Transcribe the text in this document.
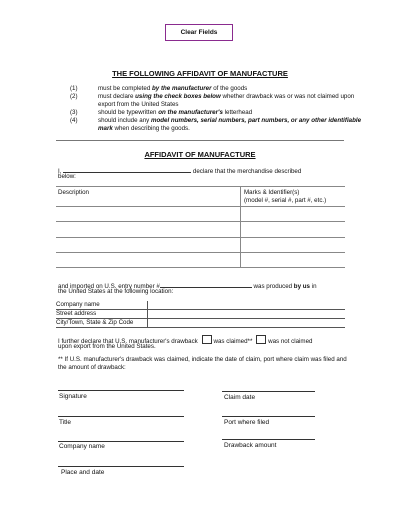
Clear Fields
THE FOLLOWING AFFIDAVIT OF MANUFACTURE
(1)	must be completed by the manufacturer of the goods
(2)	must declare using the check boxes below whether drawback was or was not claimed upon export from the United States
(3)	should be typewritten on the manufacturer's letterhead
(4)	should include any model numbers, serial numbers, part numbers, or any other identifiable mark when describing the goods.
AFFIDAVIT OF MANUFACTURE
I,	declare that the merchandise described
below:
Description	Marks & Identifier(s)
(model #, serial #, part #, etc.)
and imported on U.S. entry number #	was produced by us in
the United States at the following location:
Company name
Street address
City/Town, State & Zip Code
I further declare that U.S. manufacturer's drawback	was claimed**	was not claimed
upon export from the United States.
** If U.S. manufacturer's drawback was claimed, indicate the date of claim, port where claim was filed and the amount of drawback:
Signature	Claim date
Title	Port where filed
Company name	Drawback amount
Place and date
